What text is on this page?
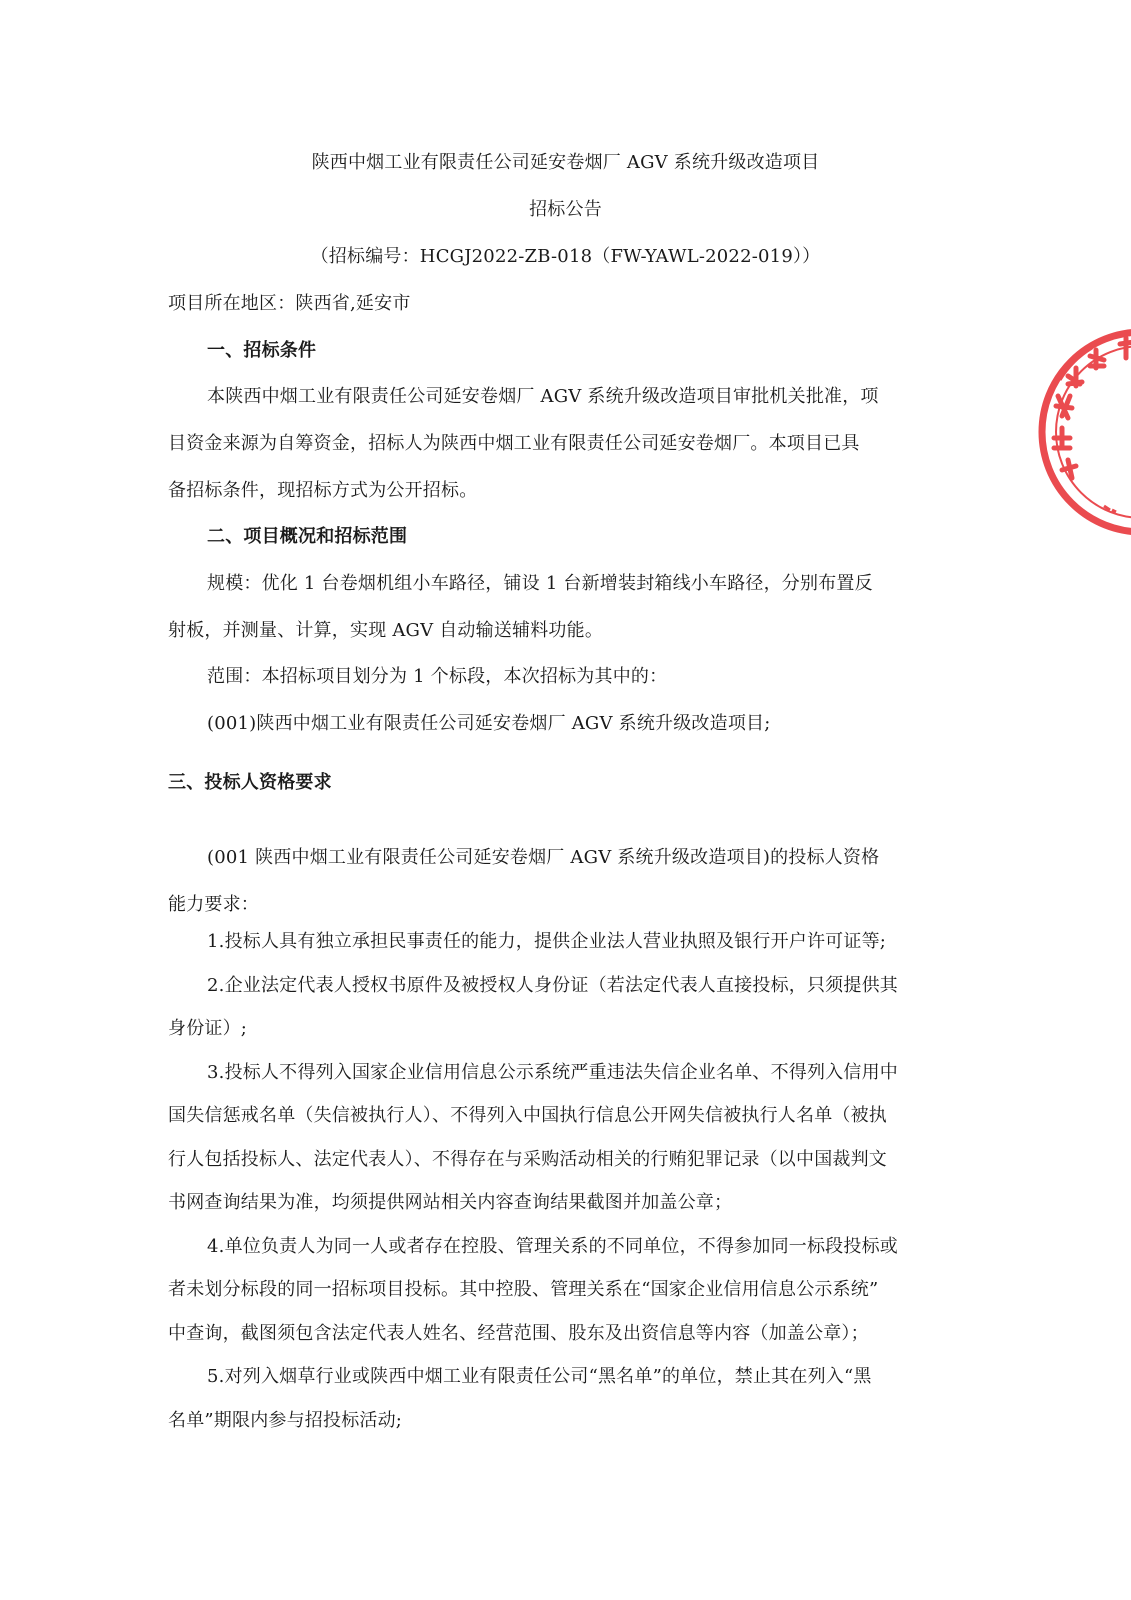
陕西中烟工业有限责任公司延安卷烟厂 AGV 系统升级改造项目
招标公告
（招标编号：HCGJ2022-ZB-018（FW-YAWL-2022-019））
项目所在地区：陕西省,延安市
一、招标条件
本陕西中烟工业有限责任公司延安卷烟厂 AGV 系统升级改造项目审批机关批准，项
目资金来源为自筹资金，招标人为陕西中烟工业有限责任公司延安卷烟厂。本项目已具
备招标条件，现招标方式为公开招标。
二、项目概况和招标范围
规模：优化 1 台卷烟机组小车路径，铺设 1 台新增装封箱线小车路径，分别布置反
射板，并测量、计算，实现 AGV 自动输送辅料功能。
范围：本招标项目划分为 1 个标段，本次招标为其中的：
(001)陕西中烟工业有限责任公司延安卷烟厂 AGV 系统升级改造项目;
三、投标人资格要求
(001 陕西中烟工业有限责任公司延安卷烟厂 AGV 系统升级改造项目)的投标人资格
能力要求：
1.投标人具有独立承担民事责任的能力，提供企业法人营业执照及银行开户许可证等;
2.企业法定代表人授权书原件及被授权人身份证（若法定代表人直接投标，只须提供其
身份证）;
3.投标人不得列入国家企业信用信息公示系统严重违法失信企业名单、不得列入信用中
国失信惩戒名单（失信被执行人）、不得列入中国执行信息公开网失信被执行人名单（被执
行人包括投标人、法定代表人）、不得存在与采购活动相关的行贿犯罪记录（以中国裁判文
书网查询结果为准，均须提供网站相关内容查询结果截图并加盖公章；
4.单位负责人为同一人或者存在控股、管理关系的不同单位，不得参加同一标段投标或
者未划分标段的同一招标项目投标。其中控股、管理关系在“国家企业信用信息公示系统”
中查询，截图须包含法定代表人姓名、经营范围、股东及出资信息等内容（加盖公章）；
5.对列入烟草行业或陕西中烟工业有限责任公司“黑名单”的单位，禁止其在列入“黑
名单”期限内参与招投标活动;
